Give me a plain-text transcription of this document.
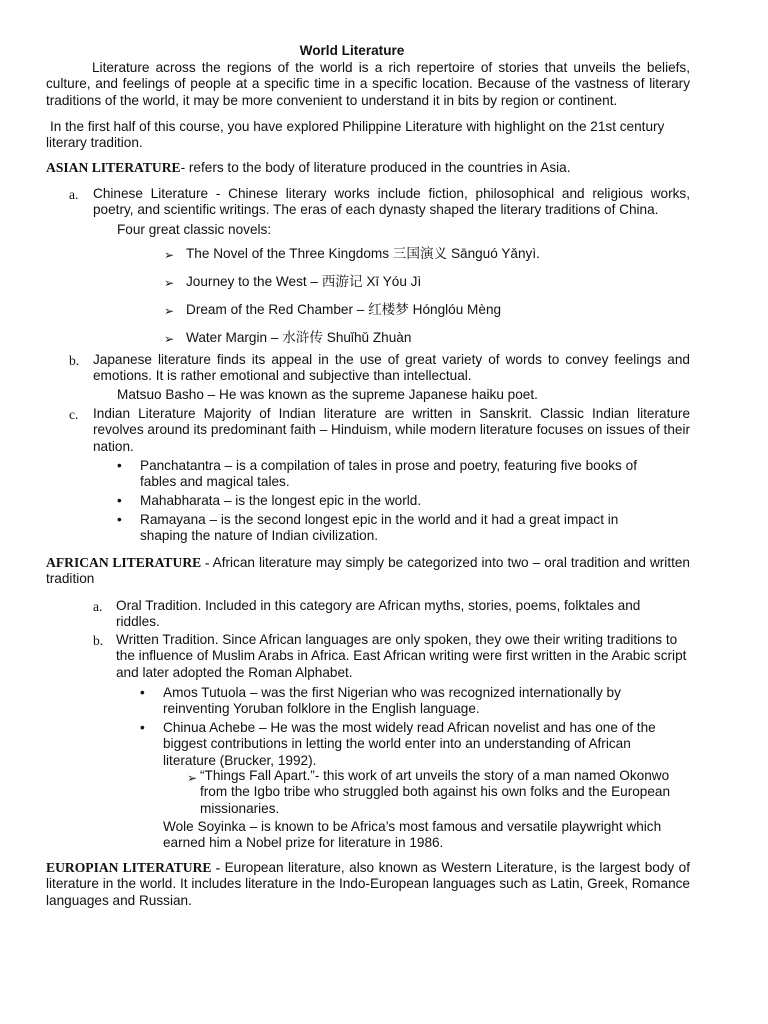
World Literature

Literature across the regions of the world is a rich repertoire of stories that unveils the beliefs, culture, and feelings of people at a specific time in a specific location. Because of the vastness of literary traditions of the world, it may be more convenient to understand it in bits by region or continent.

In the first half of this course, you have explored Philippine Literature with highlight on the 21st century literary tradition.

ASIAN LITERATURE- refers to the body of literature produced in the countries in Asia.

a. Chinese Literature - Chinese literary works include fiction, philosophical and religious works, poetry, and scientific writings. The eras of each dynasty shaped the literary traditions of China.

Four great classic novels:

➢ The Novel of the Three Kingdoms 三国演义 Sānguó Yǎnyì.

➢ Journey to the West – 西游记 Xī Yóu Jì

➢ Dream of the Red Chamber – 红楼梦 Hónglóu Mèng

➢ Water Margin – 水浒传 Shuǐhǔ Zhuàn

b. Japanese literature finds its appeal in the use of great variety of words to convey feelings and emotions. It is rather emotional and subjective than intellectual.

Matsuo Basho – He was known as the supreme Japanese haiku poet.

c. Indian Literature Majority of Indian literature are written in Sanskrit. Classic Indian literature revolves around its predominant faith – Hinduism, while modern literature focuses on issues of their nation.

• Panchatantra – is a compilation of tales in prose and poetry, featuring five books of fables and magical tales.

• Mahabharata – is the longest epic in the world.

• Ramayana – is the second longest epic in the world and it had a great impact in shaping the nature of Indian civilization.

AFRICAN LITERATURE - African literature may simply be categorized into two – oral tradition and written tradition

a. Oral Tradition. Included in this category are African myths, stories, poems, folktales and riddles.

b. Written Tradition. Since African languages are only spoken, they owe their writing traditions to the influence of Muslim Arabs in Africa. East African writing were first written in the Arabic script and later adopted the Roman Alphabet.

• Amos Tutuola – was the first Nigerian who was recognized internationally by reinventing Yoruban folklore in the English language.

• Chinua Achebe – He was the most widely read African novelist and has one of the biggest contributions in letting the world enter into an understanding of African literature (Brucker, 1992).

➢ “Things Fall Apart.”- this work of art unveils the story of a man named Okonwo from the Igbo tribe who struggled both against his own folks and the European missionaries.

Wole Soyinka – is known to be Africa’s most famous and versatile playwright which earned him a Nobel prize for literature in 1986.

EUROPIAN LITERATURE - European literature, also known as Western Literature, is the largest body of literature in the world. It includes literature in the Indo-European languages such as Latin, Greek, Romance languages and Russian.
